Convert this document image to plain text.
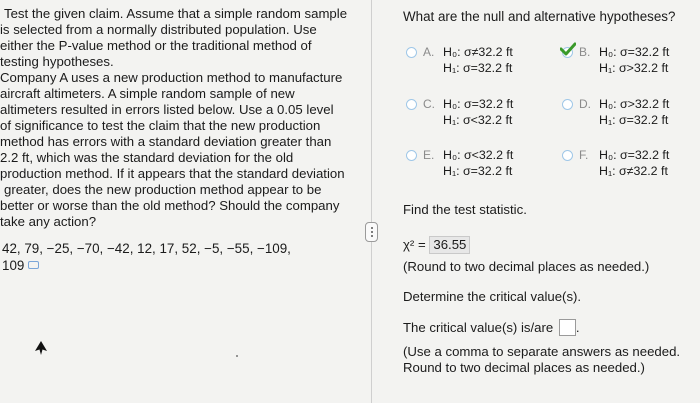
Test the given claim. Assume that a simple random sample
is selected from a normally distributed population. Use
either the P-value method or the traditional method of
testing hypotheses.
Company A uses a new production method to manufacture
aircraft altimeters. A simple random sample of new
altimeters resulted in errors listed below. Use a 0.05 level
of significance to test the claim that the new production
method has errors with a standard deviation greater than
2.2 ft, which was the standard deviation for the old
production method. If it appears that the standard deviation
greater, does the new production method appear to be
better or worse than the old method? Should the company
take any action?
42, 79, −25, −70, −42, 12, 17, 52, −5, −55, −109,
109
What are the null and alternative hypotheses?
A. H₀: σ≠32.2 ft
H₁: σ=32.2 ft
B. H₀: σ=32.2 ft
H₁: σ>32.2 ft
C. H₀: σ=32.2 ft
H₁: σ<32.2 ft
D. H₀: σ>32.2 ft
H₁: σ=32.2 ft
E. H₀: σ<32.2 ft
H₁: σ=32.2 ft
F. H₀: σ=32.2 ft
H₁: σ≠32.2 ft
Find the test statistic.
χ² = 36.55
(Round to two decimal places as needed.)
Determine the critical value(s).
The critical value(s) is/are .
(Use a comma to separate answers as needed.
Round to two decimal places as needed.)
